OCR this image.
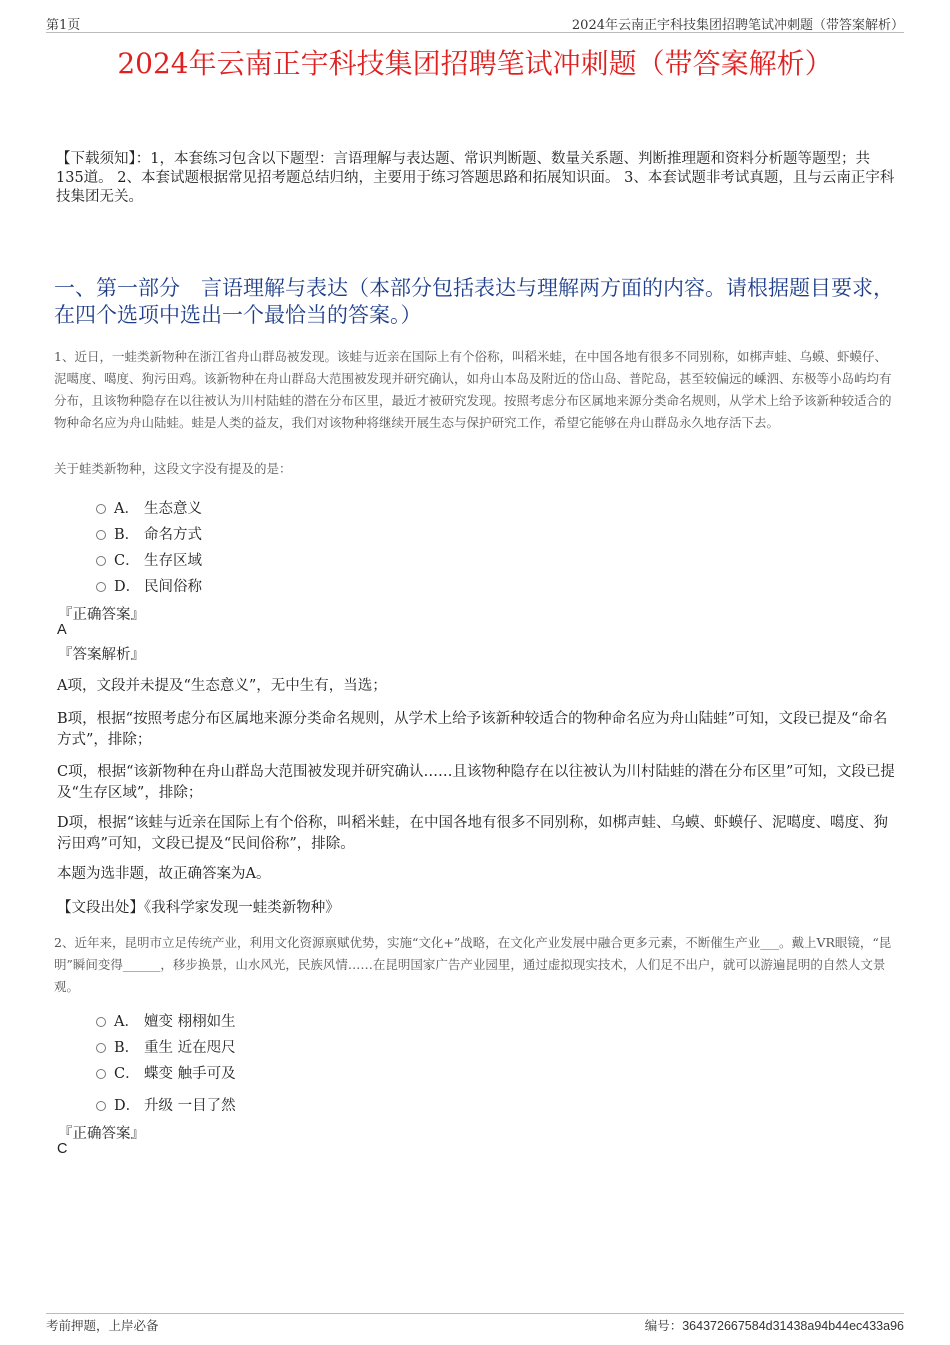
第1页	2024年云南正宇科技集团招聘笔试冲刺题（带答案解析）
2024年云南正宇科技集团招聘笔试冲刺题（带答案解析）
【下载须知】：1，本套练习包含以下题型：言语理解与表达题、常识判断题、数量关系题、判断推理题和资料分析题等题型；共135道。 2、本套试题根据常见招考题总结归纳，主要用于练习答题思路和拓展知识面。 3、本套试题非考试真题，且与云南正宇科技集团无关。
一、第一部分　言语理解与表达（本部分包括表达与理解两方面的内容。请根据题目要求，在四个选项中选出一个最恰当的答案。）
1、近日，一蛙类新物种在浙江省舟山群岛被发现。该蛙与近亲在国际上有个俗称，叫稻米蛙，在中国各地有很多不同别称，如梆声蛙、乌蟆、虾蟆仔、泥噶度、噶度、狗污田鸡。该新物种在舟山群岛大范围被发现并研究确认，如舟山本岛及附近的岱山岛、普陀岛，甚至较偏远的嵊泗、东极等小岛屿均有分布，且该物种隐存在以往被认为川村陆蛙的潜在分布区里，最近才被研究发现。按照考虑分布区属地来源分类命名规则，从学术上给予该新种较适合的物种命名应为舟山陆蛙。蛙是人类的益友，我们对该物种将继续开展生态与保护研究工作，希望它能够在舟山群岛永久地存活下去。
关于蛙类新物种，这段文字没有提及的是：
A． 生态意义
B． 命名方式
C． 生存区域
D． 民间俗称
『正确答案』
A
『答案解析』
A项，文段并未提及“生态意义”，无中生有，当选；
B项，根据“按照考虑分布区属地来源分类命名规则，从学术上给予该新种较适合的物种命名应为舟山陆蛙”可知，文段已提及“命名方式”，排除；
C项，根据“该新物种在舟山群岛大范围被发现并研究确认……且该物种隐存在以往被认为川村陆蛙的潜在分布区里”可知，文段已提及“生存区域”，排除；
D项，根据“该蛙与近亲在国际上有个俗称，叫稻米蛙，在中国各地有很多不同别称，如梆声蛙、乌蟆、虾蟆仔、泥噶度、噶度、狗污田鸡”可知，文段已提及“民间俗称”，排除。
本题为选非题，故正确答案为A。
【文段出处】《我科学家发现一蛙类新物种》
2、近年来，昆明市立足传统产业，利用文化资源禀赋优势，实施“文化+”战略，在文化产业发展中融合更多元素，不断催生产业___。戴上VR眼镜，“昆明”瞬间变得______，移步换景，山水风光，民族风情……在昆明国家广告产业园里，通过虚拟现实技术，人们足不出户，就可以游遍昆明的自然人文景观。
A． 嬗变 栩栩如生
B． 重生 近在咫尺
C． 蝶变 触手可及
D． 升级 一目了然
『正确答案』
C
考前押题，上岸必备	编号：364372667584d31438a94b44ec433a96
